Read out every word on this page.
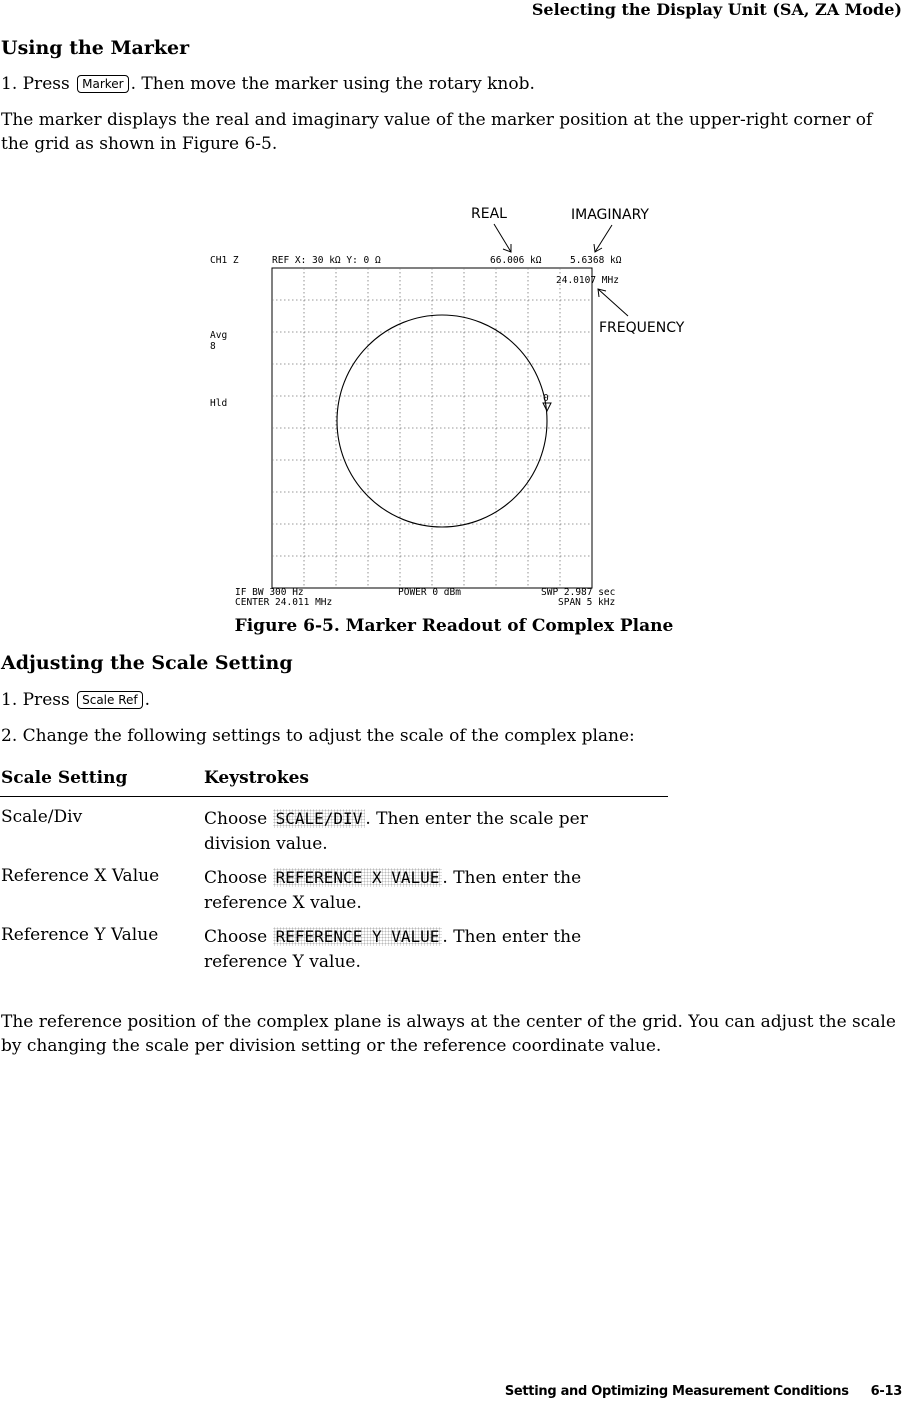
Selecting the Display Unit (SA, ZA Mode)
Using the Marker
1. Press Marker . Then move the marker using the rotary knob.
The marker displays the real and imaginary value of the marker position at the upper-right corner of the grid as shown in Figure 6-5.
REAL	IMAGINARY
FREQUENCY
CH1 Z	REF X: 30 kΩ Y: 0 Ω	66.006 kΩ	5.6368 kΩ
24.0107 MHz
Avg
8
Hld	0
IF BW 300 Hz
CENTER 24.011 MHz
POWER 0 dBm	SWP 2.987 sec
SPAN 5 kHz
Figure 6-5. Marker Readout of Complex Plane
Adjusting the Scale Setting
1. Press Scale Ref .
2. Change the following settings to adjust the scale of the complex plane:
Scale Setting	Keystrokes
Scale/Div	Choose SCALE/DIV . Then enter the scale per division value.
Reference X Value	Choose REFERENCE X VALUE . Then enter the reference X value.
Reference Y Value	Choose REFERENCE Y VALUE . Then enter the reference Y value.
The reference position of the complex plane is always at the center of the grid. You can adjust the scale by changing the scale per division setting or the reference coordinate value.
Setting and Optimizing Measurement Conditions 6-13
